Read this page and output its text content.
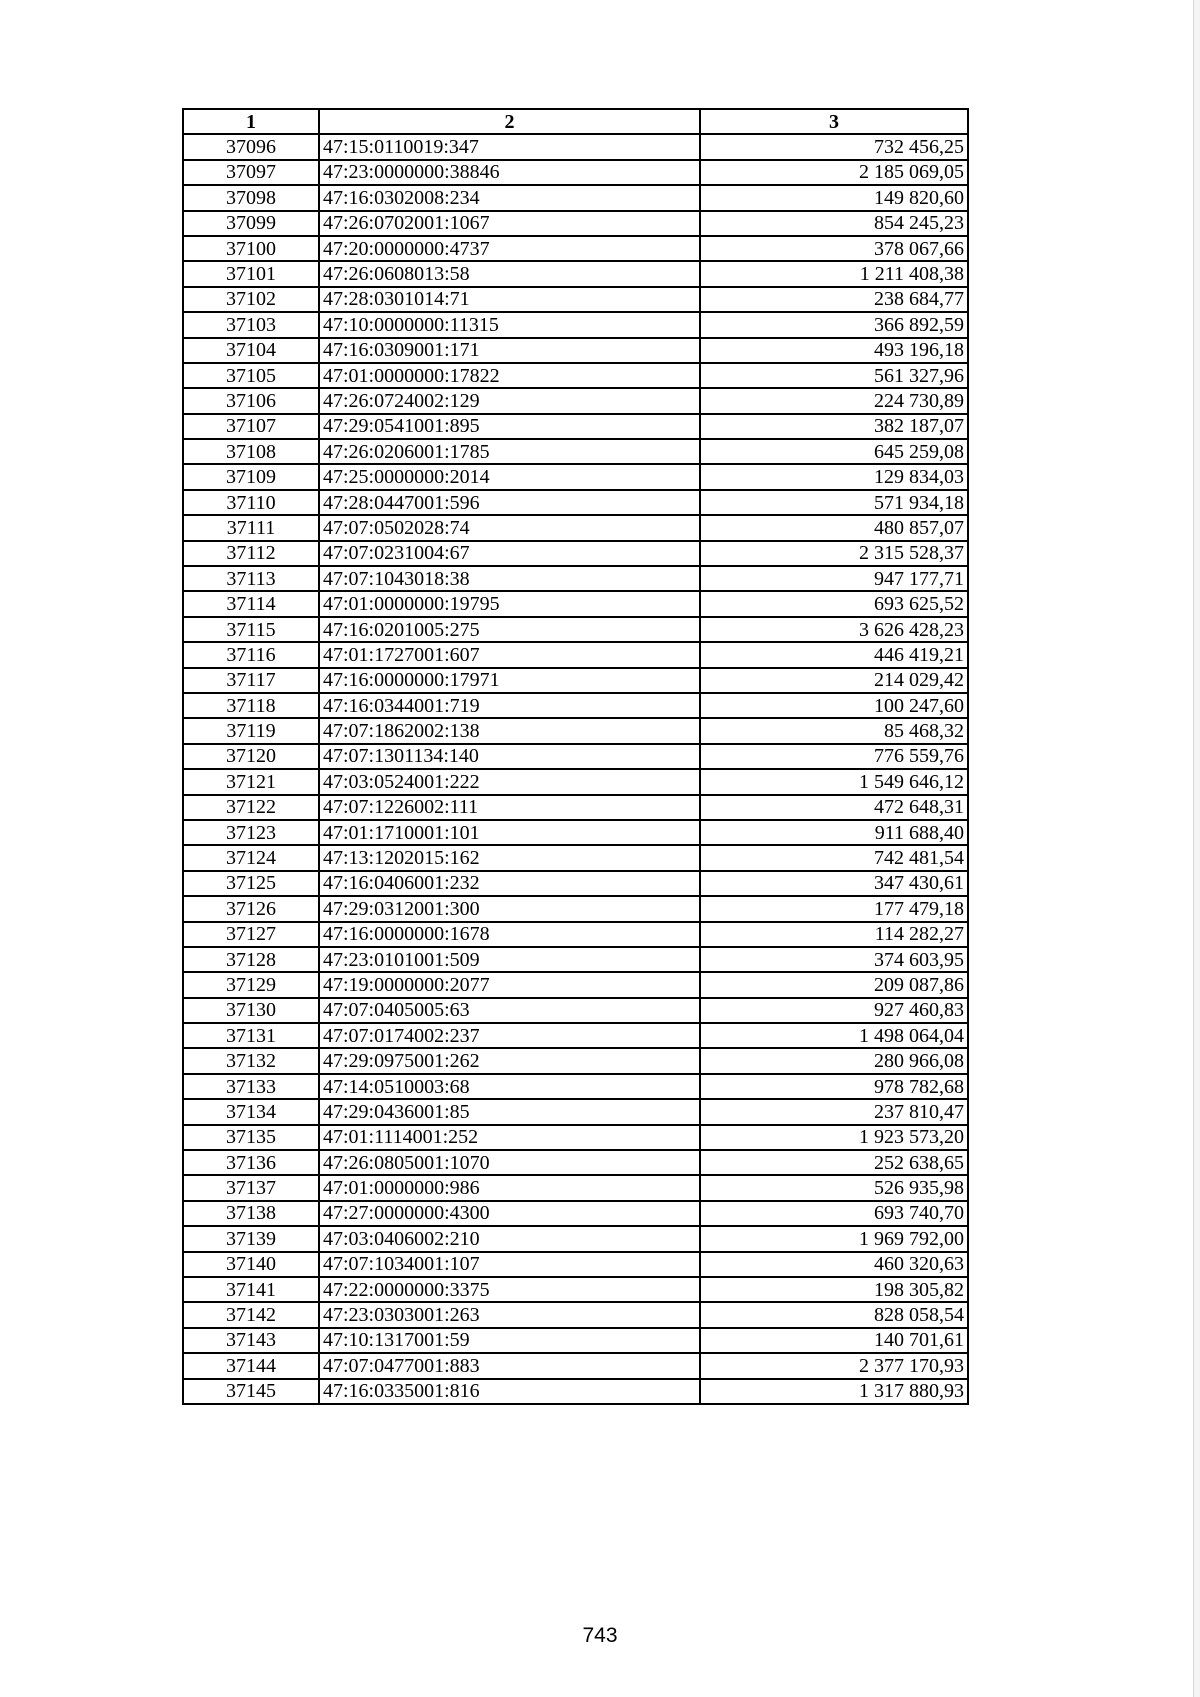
1	2	3
37096	47:15:0110019:347	732 456,25
37097	47:23:0000000:38846	2 185 069,05
37098	47:16:0302008:234	149 820,60
37099	47:26:0702001:1067	854 245,23
37100	47:20:0000000:4737	378 067,66
37101	47:26:0608013:58	1 211 408,38
37102	47:28:0301014:71	238 684,77
37103	47:10:0000000:11315	366 892,59
37104	47:16:0309001:171	493 196,18
37105	47:01:0000000:17822	561 327,96
37106	47:26:0724002:129	224 730,89
37107	47:29:0541001:895	382 187,07
37108	47:26:0206001:1785	645 259,08
37109	47:25:0000000:2014	129 834,03
37110	47:28:0447001:596	571 934,18
37111	47:07:0502028:74	480 857,07
37112	47:07:0231004:67	2 315 528,37
37113	47:07:1043018:38	947 177,71
37114	47:01:0000000:19795	693 625,52
37115	47:16:0201005:275	3 626 428,23
37116	47:01:1727001:607	446 419,21
37117	47:16:0000000:17971	214 029,42
37118	47:16:0344001:719	100 247,60
37119	47:07:1862002:138	85 468,32
37120	47:07:1301134:140	776 559,76
37121	47:03:0524001:222	1 549 646,12
37122	47:07:1226002:111	472 648,31
37123	47:01:1710001:101	911 688,40
37124	47:13:1202015:162	742 481,54
37125	47:16:0406001:232	347 430,61
37126	47:29:0312001:300	177 479,18
37127	47:16:0000000:1678	114 282,27
37128	47:23:0101001:509	374 603,95
37129	47:19:0000000:2077	209 087,86
37130	47:07:0405005:63	927 460,83
37131	47:07:0174002:237	1 498 064,04
37132	47:29:0975001:262	280 966,08
37133	47:14:0510003:68	978 782,68
37134	47:29:0436001:85	237 810,47
37135	47:01:1114001:252	1 923 573,20
37136	47:26:0805001:1070	252 638,65
37137	47:01:0000000:986	526 935,98
37138	47:27:0000000:4300	693 740,70
37139	47:03:0406002:210	1 969 792,00
37140	47:07:1034001:107	460 320,63
37141	47:22:0000000:3375	198 305,82
37142	47:23:0303001:263	828 058,54
37143	47:10:1317001:59	140 701,61
37144	47:07:0477001:883	2 377 170,93
37145	47:16:0335001:816	1 317 880,93
743
